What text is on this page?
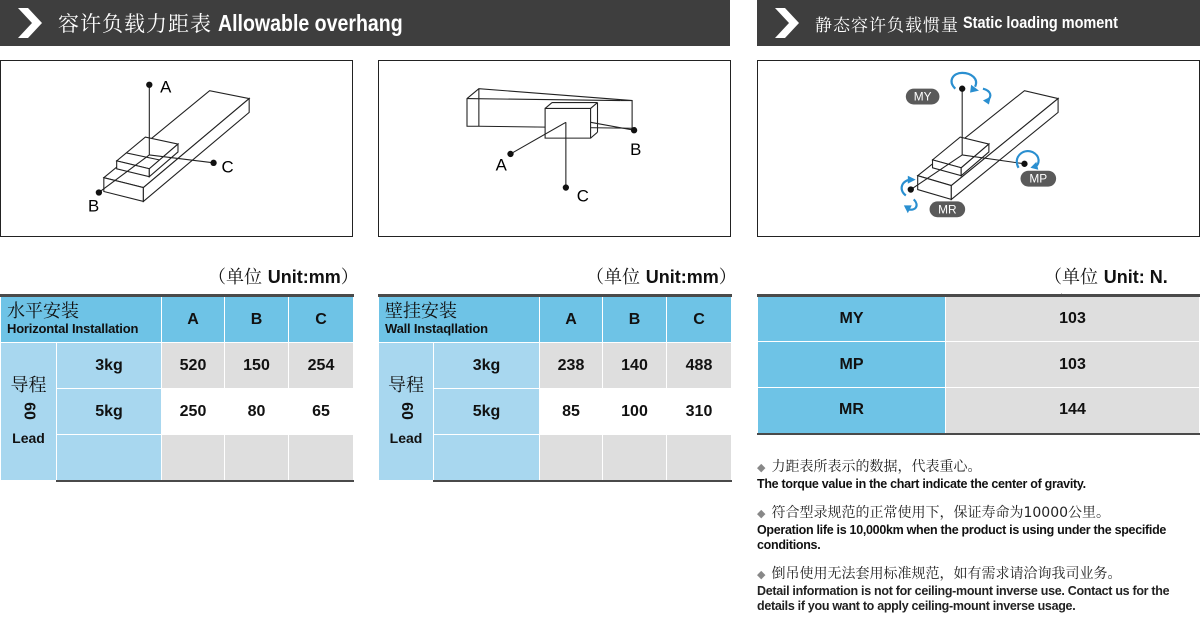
容许负载力距表 Allowable overhang	静态容许负载惯量 Static loading moment
A
C
B
A
B
C
MY
MP
MR
（单位 Unit:mm）	（单位 Unit:mm）	（单位 Unit: N.
水平安装
Horizontal Installation		A	B	C

导程
60
Lead	3kg	520	150	254
	5kg	250	80	65

壁挂安装
Wall Instaqllation		A	B	C

导程
60
Lead	3kg	238	140	488
	5kg	85	100	310

MY	103
MP	103
MR	144
◆ 力距表所表示的数据，代表重心。
The torque value in the chart indicate the center of gravity.
◆ 符合型录规范的正常使用下，保证寿命为10000公里。
Operation life is 10,000km when the product is using under the specifide conditions.
◆ 倒吊使用无法套用标准规范，如有需求请洽询我司业务。
Detail information is not for ceiling-mount inverse use. Contact us for the details if you want to apply ceiling-mount inverse usage.
